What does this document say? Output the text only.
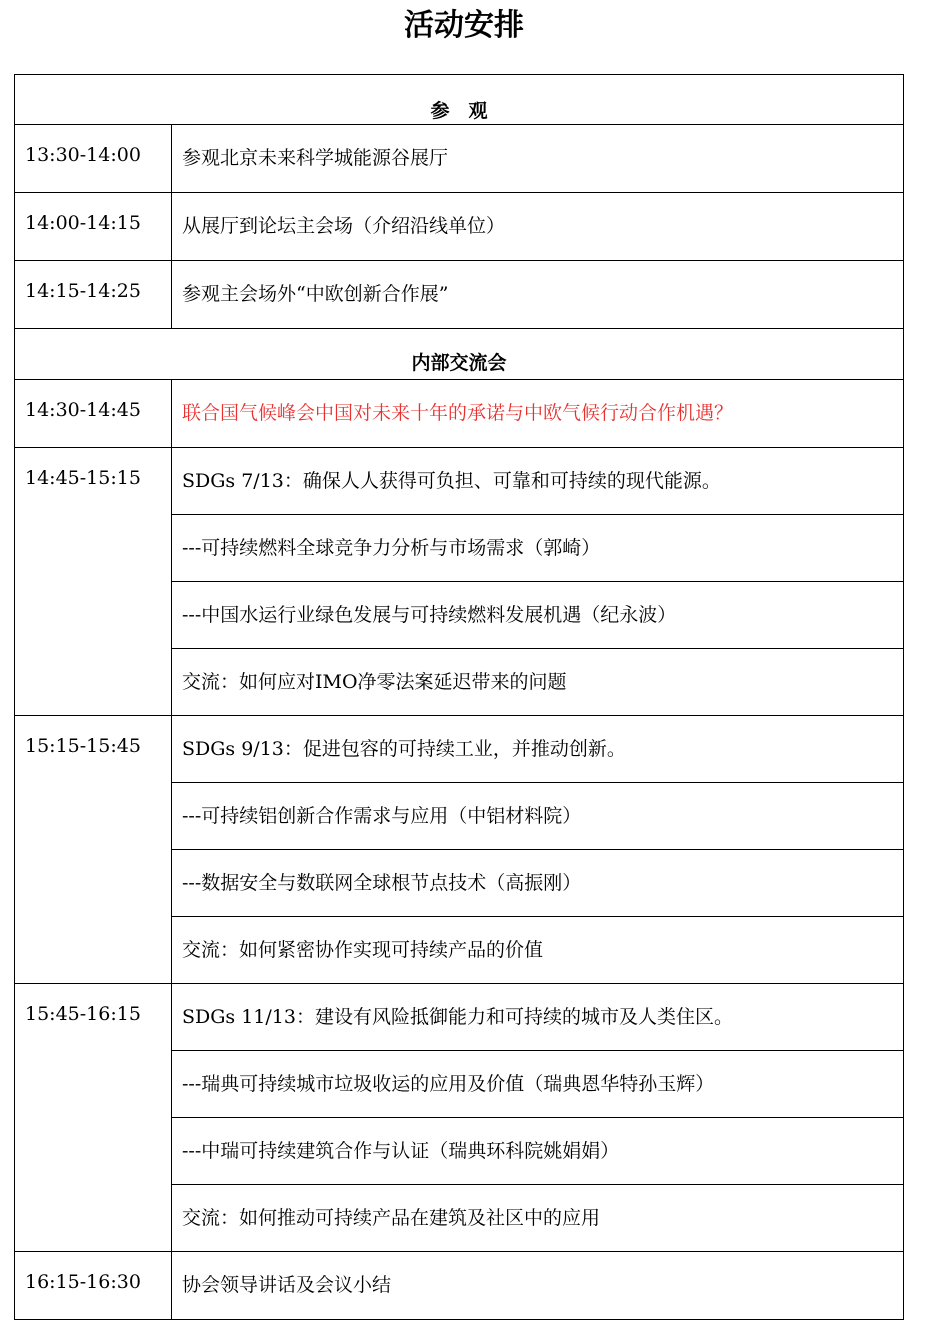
活动安排
参　观	
13:30-14:00	参观北京未来科学城能源谷展厅
14:00-14:15	从展厅到论坛主会场（介绍沿线单位）
14:15-14:25	参观主会场外“中欧创新合作展”
内部交流会	
14:30-14:45	联合国气候峰会中国对未来十年的承诺与中欧气候行动合作机遇？
14:45-15:15	SDGs 7/13：确保人人获得可负担、可靠和可持续的现代能源。
	---可持续燃料全球竞争力分析与市场需求（郭崎）
	---中国水运行业绿色发展与可持续燃料发展机遇（纪永波）
	交流：如何应对IMO净零法案延迟带来的问题
15:15-15:45	SDGs 9/13：促进包容的可持续工业，并推动创新。
	---可持续铝创新合作需求与应用（中铝材料院）
	---数据安全与数联网全球根节点技术（高振刚）
	交流：如何紧密协作实现可持续产品的价值
15:45-16:15	SDGs 11/13：建设有风险抵御能力和可持续的城市及人类住区。
	---瑞典可持续城市垃圾收运的应用及价值（瑞典恩华特孙玉辉）
	---中瑞可持续建筑合作与认证（瑞典环科院姚娟娟）
	交流：如何推动可持续产品在建筑及社区中的应用
16:15-16:30	协会领导讲话及会议小结
